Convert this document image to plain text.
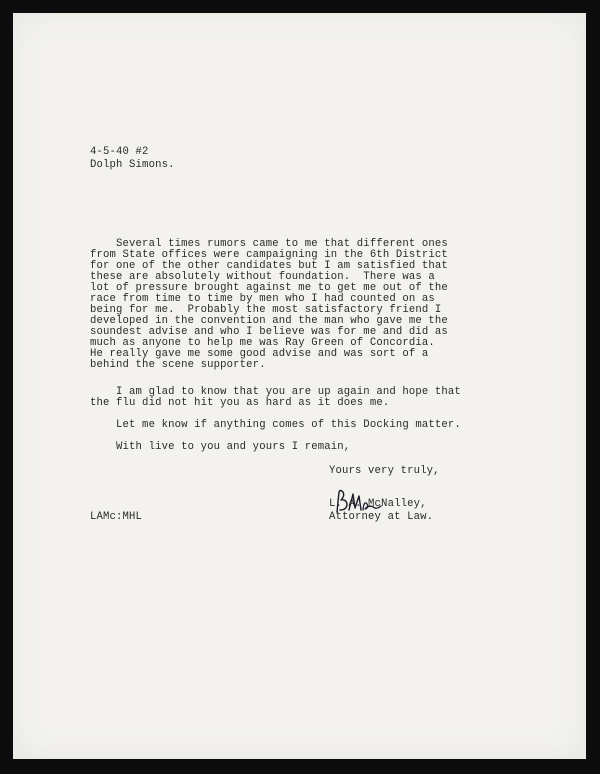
4-5-40 #2
Dolph Simons.
Several times rumors came to me that different ones
from State offices were campaigning in the 6th District
for one of the other candidates but I am satisfied that
these are absolutely without foundation.  There was a
lot of pressure brought against me to get me out of the
race from time to time by men who I had counted on as
being for me.  Probably the most satisfactory friend I
developed in the convention and the man who gave me the
soundest advise and who I believe was for me and did as
much as anyone to help me was Ray Green of Concordia.
He really gave me some good advise and was sort of a
behind the scene supporter.
I am glad to know that you are up again and hope that
the flu did not hit you as hard as it does me.
Let me know if anything comes of this Docking matter.
With live to you and yours I remain,
Yours very truly,
L. A. McNalley,
Attorney at Law.
LAMc:MHL
